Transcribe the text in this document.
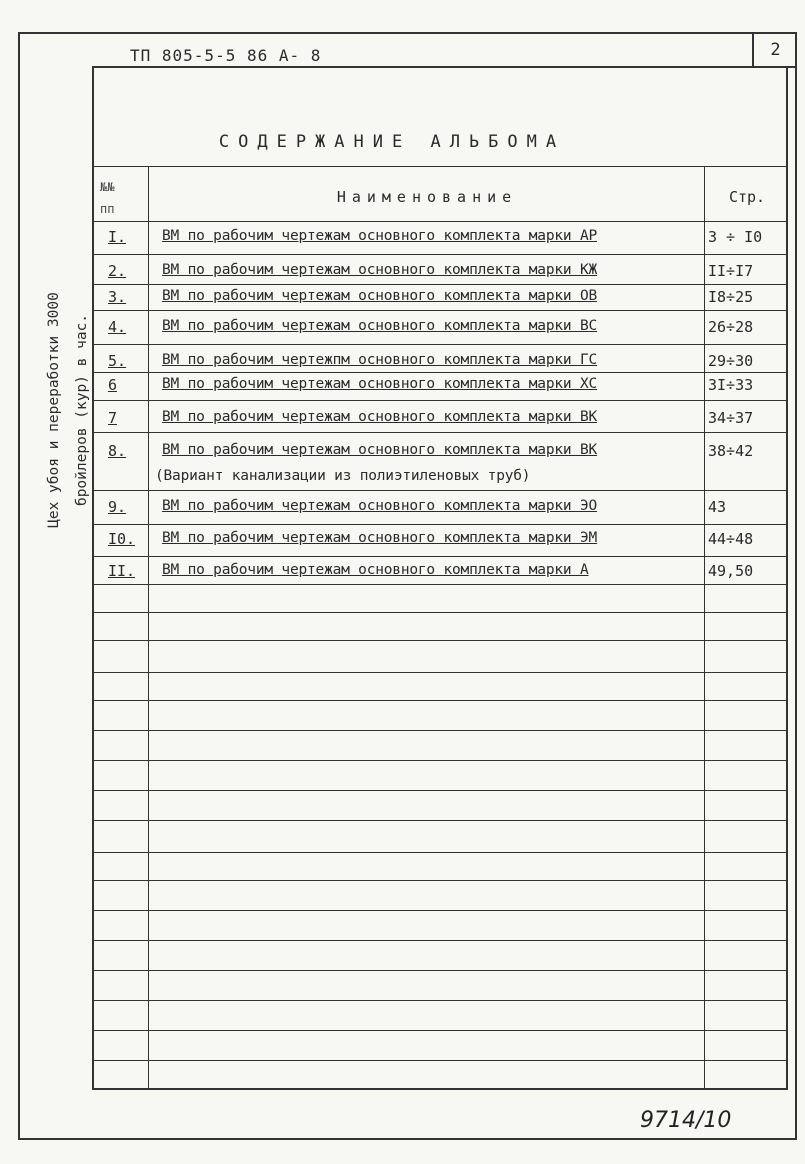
2
ТП 805-5-5 86 А- 8
СОДЕРЖАНИЕ АЛЬБОМА
№№
пп
Наименование	Стр.
I. ВМ по рабочим чертежам основного комплекта марки АР	3 ÷ I0
2. ВМ по рабочим чертежам основного комплекта марки КЖ	II÷I7
3. ВМ по рабочим чертежам основного комплекта марки ОВ	I8÷25
4. ВМ по рабочим чертежам основного комплекта марки ВС	26÷28
5. ВМ по рабочим чертежпм основного комплекта марки ГС	29÷30
6	ВМ по рабочим чертежам основного комплекта марки ХС	3I÷33
7	ВМ по рабочим чертежам основного комплекта марки ВК	34÷37
8. ВМ по рабочим чертежам основного комплекта марки ВК	38÷42
(Вариант канализации из полиэтиленовых труб)
9. ВМ по рабочим чертежам основного комплекта марки ЭО	43
I0. ВМ по рабочим чертежам основного комплекта марки ЭМ	44÷48
II. ВМ по рабочим чертежам основного комплекта марки А	49,50
Цех убоя и переработки 3000 бройлеров (кур) в час.
9714/10
